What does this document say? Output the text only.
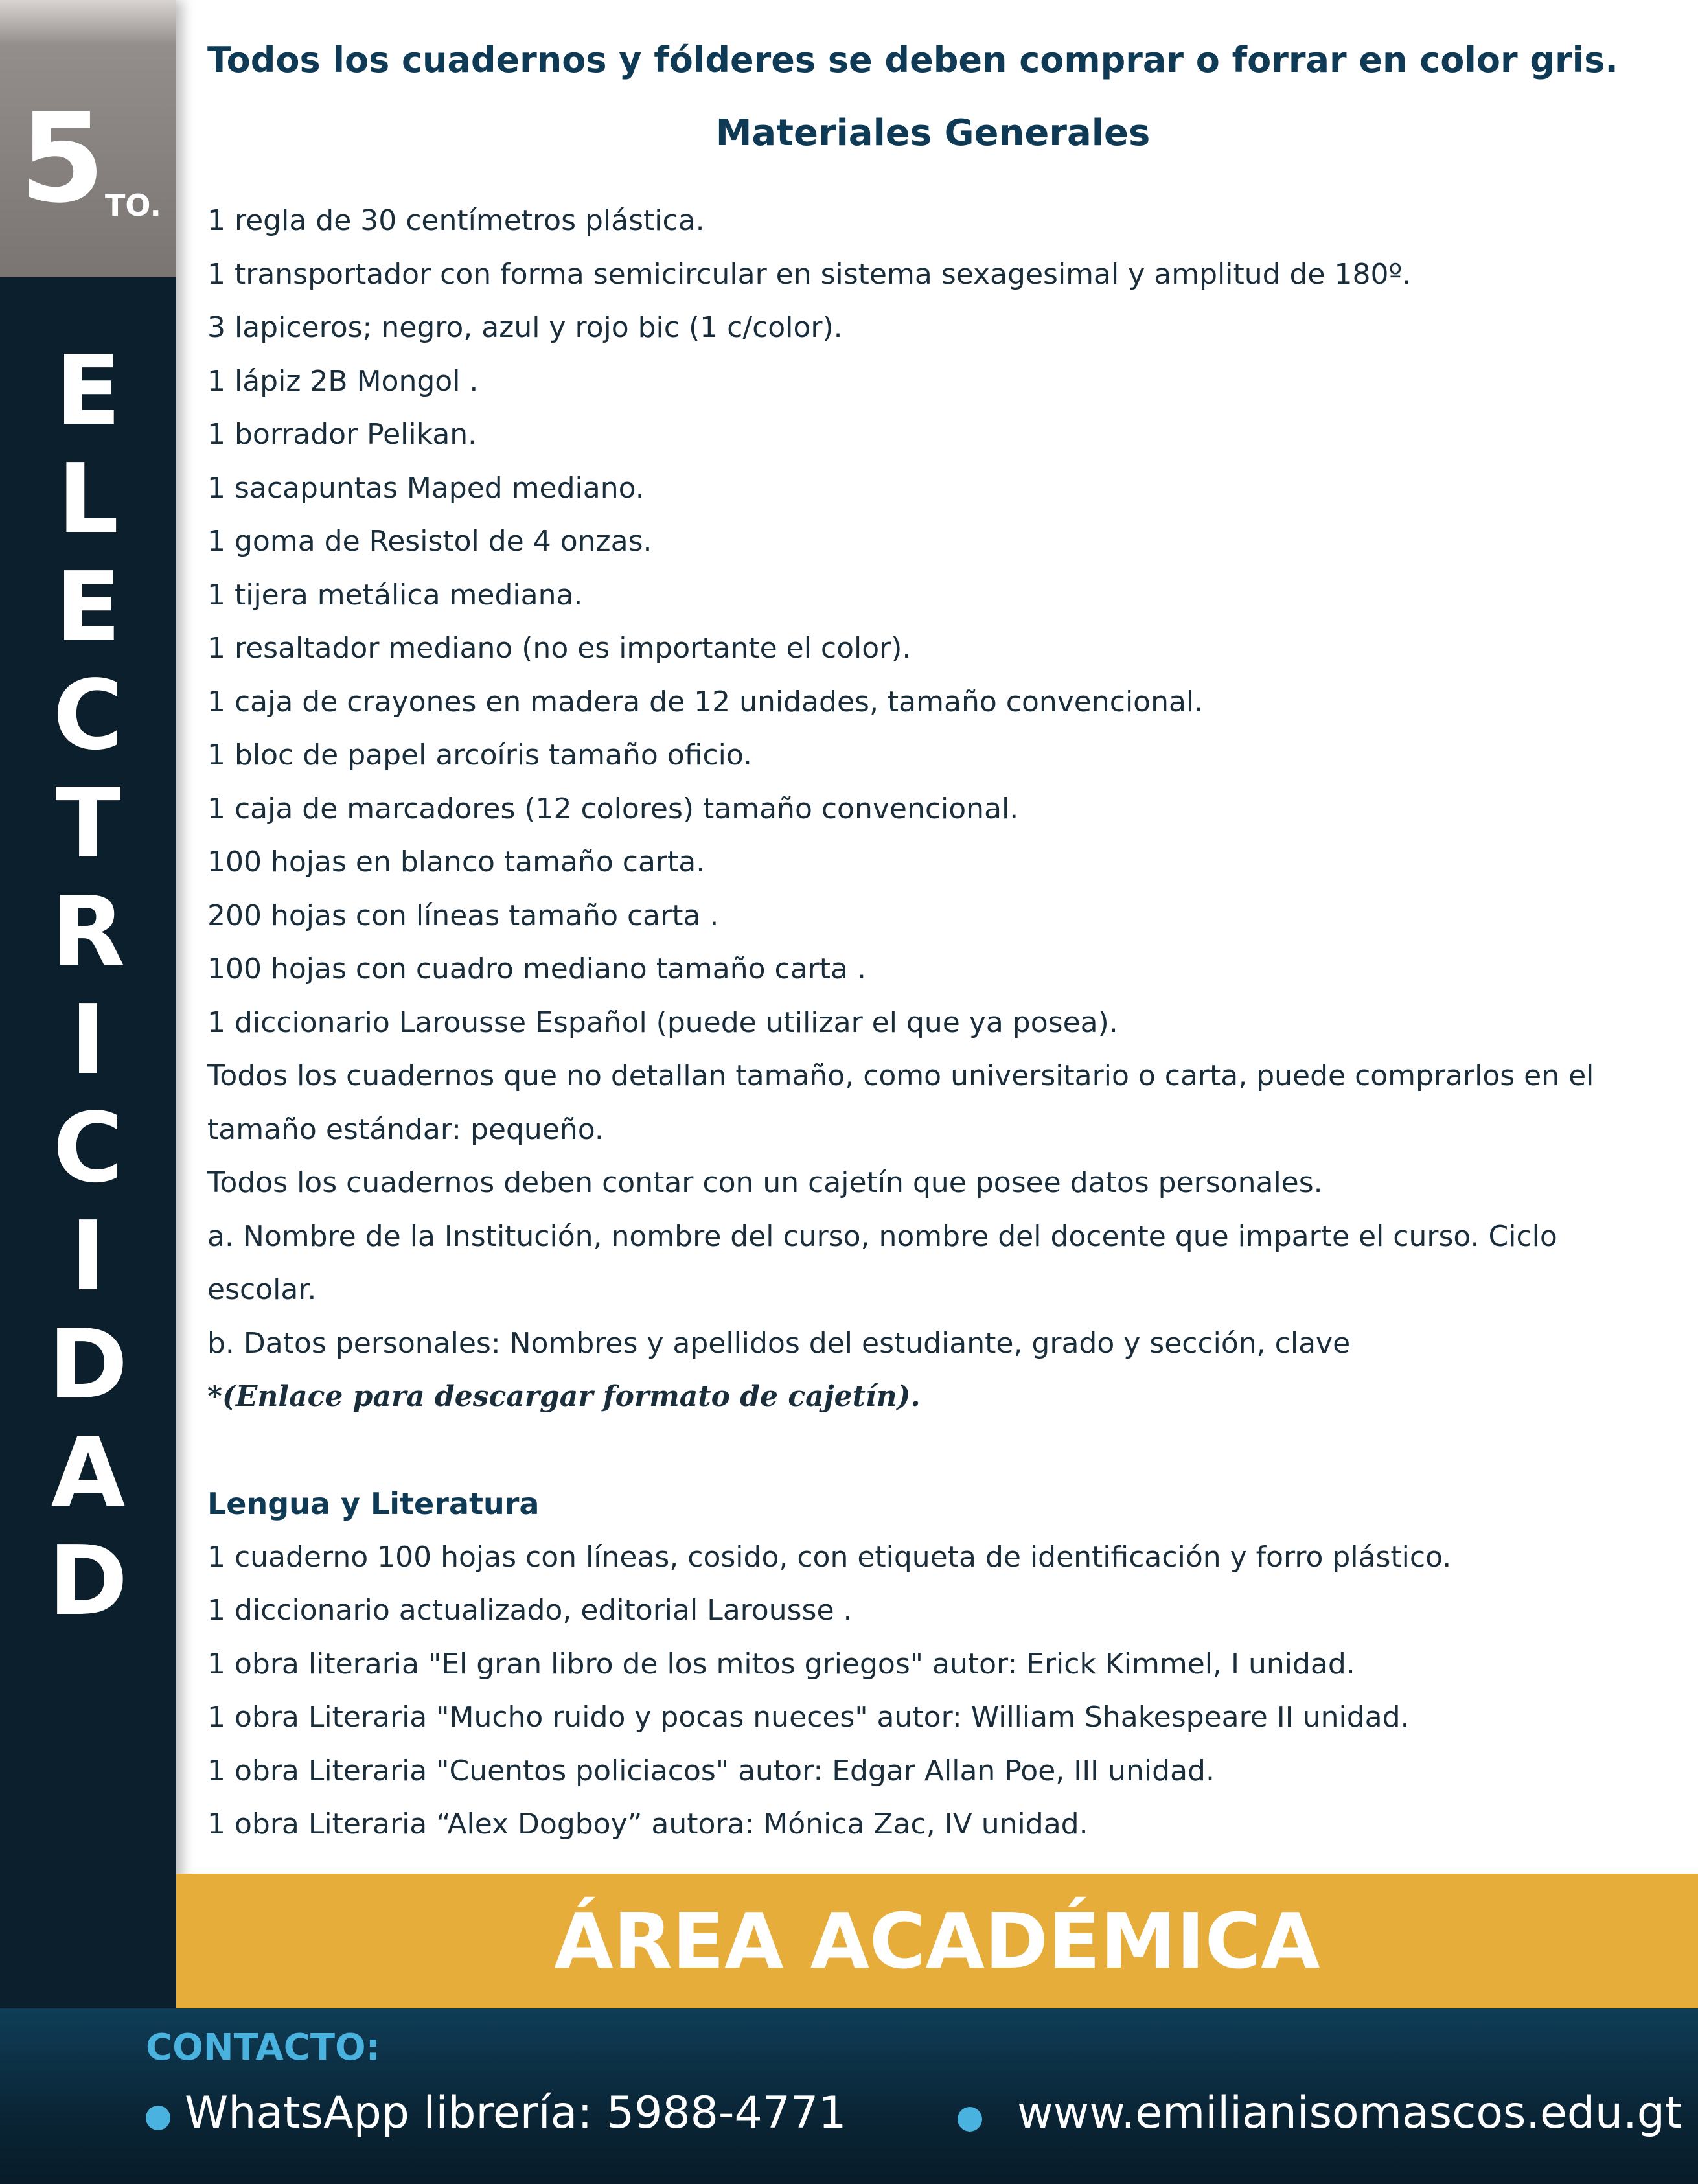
5 TO.
E
L
E
C
T
R
I
C
I
D
A
D

Todos los cuadernos y fólderes se deben comprar o forrar en color gris.

Materiales Generales
1 regla de 30 centímetros plástica.
1 transportador con forma semicircular en sistema sexagesimal y amplitud de 180º.
3 lapiceros; negro, azul y rojo bic (1 c/color).
1 lápiz 2B Mongol .
1 borrador Pelikan.
1 sacapuntas Maped mediano.
1 goma de Resistol de 4 onzas.
1 tijera metálica mediana.
1 resaltador mediano (no es importante el color).
1 caja de crayones en madera de 12 unidades, tamaño convencional.
1 bloc de papel arcoíris tamaño oficio.
1 caja de marcadores (12 colores) tamaño convencional.
100 hojas en blanco tamaño carta.
200 hojas con líneas tamaño carta .
100 hojas con cuadro mediano tamaño carta .
1 diccionario Larousse Español (puede utilizar el que ya posea).
Todos los cuadernos que no detallan tamaño, como universitario o carta, puede comprarlos en el tamaño estándar: pequeño.
Todos los cuadernos deben contar con un cajetín que posee datos personales.
a. Nombre de la Institución, nombre del curso, nombre del docente que imparte el curso. Ciclo escolar.
b. Datos personales: Nombres y apellidos del estudiante, grado y sección, clave
*(Enlace para descargar formato de cajetín).
Lengua y Literatura
1 cuaderno 100 hojas con líneas, cosido, con etiqueta de identificación y forro plástico.
1 diccionario actualizado, editorial Larousse .
1 obra literaria "El gran libro de los mitos griegos" autor: Erick Kimmel, I unidad.
1 obra Literaria "Mucho ruido y pocas nueces" autor: William Shakespeare II unidad.
1 obra Literaria "Cuentos policiacos" autor: Edgar Allan Poe, III unidad.
1 obra Literaria “Alex Dogboy” autora: Mónica Zac, IV unidad.
ÁREA ACADÉMICA
CONTACTO:
WhatsApp librería: 5988-4771	www.emilianisomascos.edu.gt
